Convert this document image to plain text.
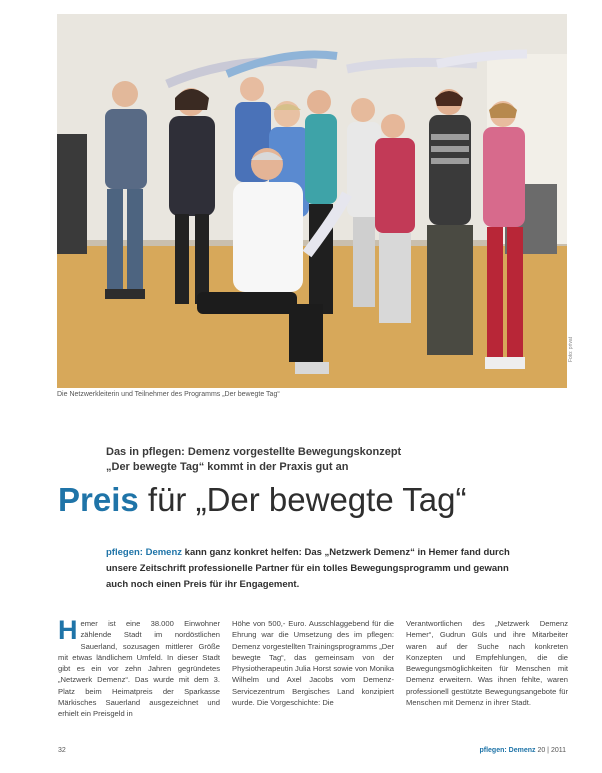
Die Netzwerkleiterin und Teilnehmer des Programms „Der bewegte Tag“
Foto: privat
Das in pflegen: Demenz vorgestellte Bewegungskonzept
„Der bewegte Tag“ kommt in der Praxis gut an
Preis für „Der bewegte Tag“
pflegen: Demenz kann ganz konkret helfen: Das „Netzwerk Demenz“ in Hemer fand durch unsere Zeitschrift professionelle Partner für ein tolles Bewegungsprogramm und gewann auch noch einen Preis für ihr Engagement.
Hemer ist eine 38.000 Einwohner zählende Stadt im nordöstlichen Sauerland, sozusagen mittlerer Größe mit etwas ländlichem Umfeld. In dieser Stadt gibt es ein vor zehn Jahren gegründetes „Netzwerk Demenz“. Das wurde mit dem 3. Platz beim Heimatpreis der Sparkasse Märkisches Sauerland ausgezeichnet und erhielt ein Preisgeld in
Höhe von 500,- Euro. Ausschlaggebend für die Ehrung war die Umsetzung des im pflegen: Demenz vorgestellten Trainingsprogramms „Der bewegte Tag“, das gemeinsam von der Physiotherapeutin Julia Horst sowie von Monika Wilhelm und Axel Jacobs vom Demenz-Servicezentrum Bergisches Land konzipiert wurde. Die Vorgeschichte: Die
Verantwortlichen des „Netzwerk Demenz Hemer“, Gudrun Güls und ihre Mitarbeiter waren auf der Suche nach konkreten Konzepten und Empfehlungen, die die Bewegungsmöglichkeiten für Menschen mit Demenz erweitern. Was ihnen fehlte, waren professionell gestützte Bewegungsangebote für Menschen mit Demenz in ihrer Stadt.
32	pflegen: Demenz 20 | 2011
